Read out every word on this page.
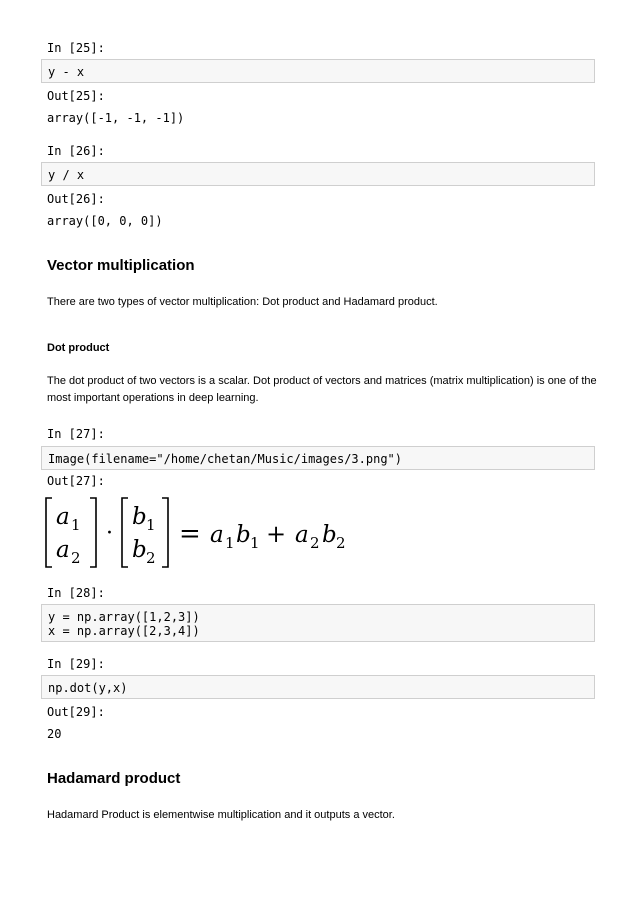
In [25]:
y - x
Out[25]:
array([-1, -1, -1])
In [26]:
y / x
Out[26]:
array([0, 0, 0])
Vector multiplication
There are two types of vector multiplication: Dot product and Hadamard product.
Dot product
The dot product of two vectors is a scalar. Dot product of vectors and matrices (matrix multiplication) is one of the most important operations in deep learning.
In [27]:
Image(filename="/home/chetan/Music/images/3.png")
Out[27]:
a 1
a 2
·
b 1
b 2
= a 1 b 1 + a 2 b 2
In [28]:
y = np.array([1,2,3])
x = np.array([2,3,4])
In [29]:
np.dot(y,x)
Out[29]:
20
Hadamard product
Hadamard Product is elementwise multiplication and it outputs a vector.
